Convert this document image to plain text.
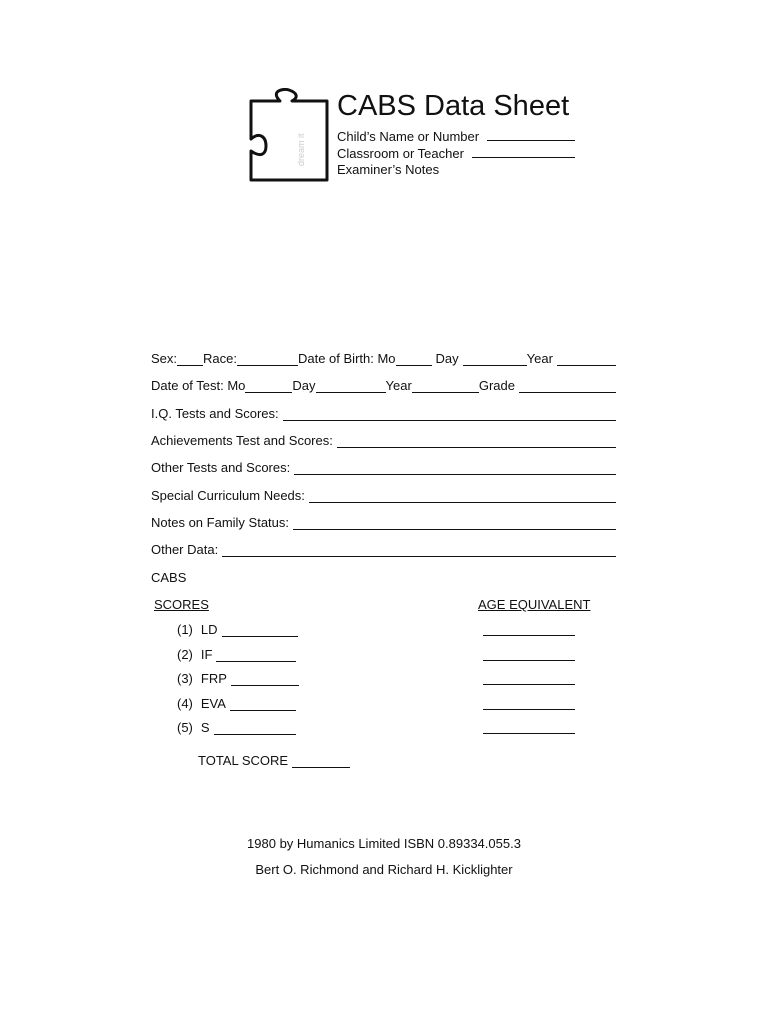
dream it
CABS Data Sheet
Child’s Name or Number
Classroom or Teacher
Examiner’s Notes
Sex: Race:	Date of Birth: Mo	Day	Year
Date of Test: Mo	Day	Year	Grade
I.Q. Tests and Scores:
Achievements Test and Scores:
Other Tests and Scores:
Special Curriculum Needs:
Notes on Family Status:
Other Data:
CABS
SCORES	AGE EQUIVALENT
(1) LD
(2) IF
(3) FRP
(4) EVA
(5) S
TOTAL SCORE
1980 by Humanics Limited ISBN 0.89334.055.3
Bert O. Richmond and Richard H. Kicklighter
